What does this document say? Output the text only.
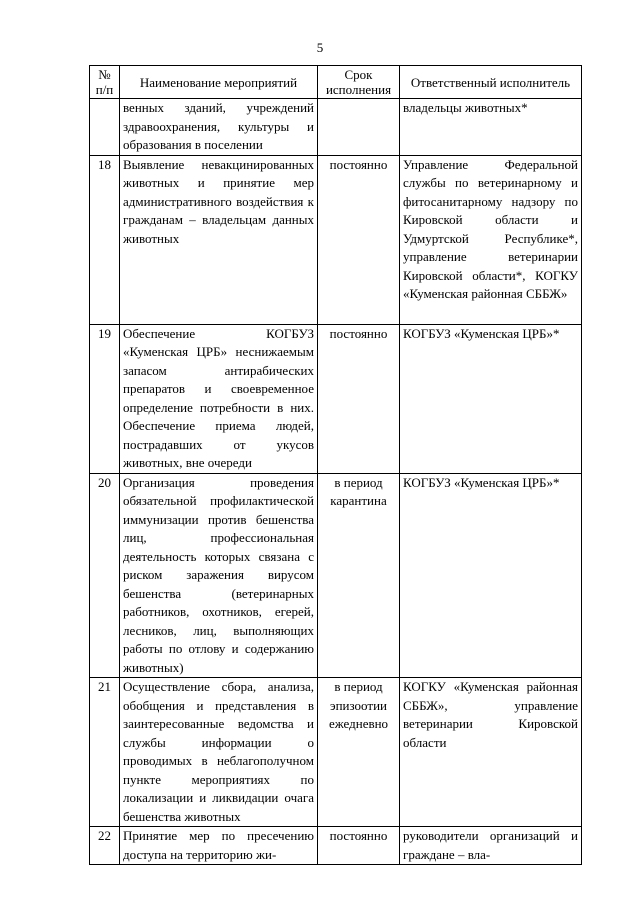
5
№ п/п	Наименование мероприятий	Срок исполнения	Ответственный исполнитель
	венных зданий, учреждений здравоохранения, культуры и образования в поселении		владельцы животных*
18	Выявление невакцинированных животных и принятие мер административного воздействия к гражданам – владельцам данных животных	постоянно	Управление Федеральной службы по ветеринарному и фитосанитарному надзору по Кировской области и Удмуртской Республике*, управление ветеринарии Кировской области*, КОГКУ «Куменская районная СББЖ»
19	Обеспечение КОГБУЗ «Куменская ЦРБ» неснижаемым запасом антирабических препаратов и своевременное определение потребности в них. Обеспечение приема людей, пострадавших от укусов животных, вне очереди	постоянно	КОГБУЗ «Куменская ЦРБ»*
20	Организация проведения обязательной профилактической иммунизации против бешенства лиц, профессиональная деятельность которых связана с риском заражения вирусом бешенства (ветеринарных работников, охотников, егерей, лесников, лиц, выполняющих работы по отлову и содержанию животных)	в период карантина	КОГБУЗ «Куменская ЦРБ»*
21	Осуществление сбора, анализа, обобщения и представления в заинтересованные ведомства и службы информации о проводимых в неблагополучном пункте мероприятиях по локализации и ликвидации очага бешенства животных	в период эпизоотии ежедневно	КОГКУ «Куменская районная СББЖ», управление ветеринарии Кировской области
22	Принятие мер по пресечению доступа на территорию жи-	постоянно	руководители организаций и граждане – вла-
